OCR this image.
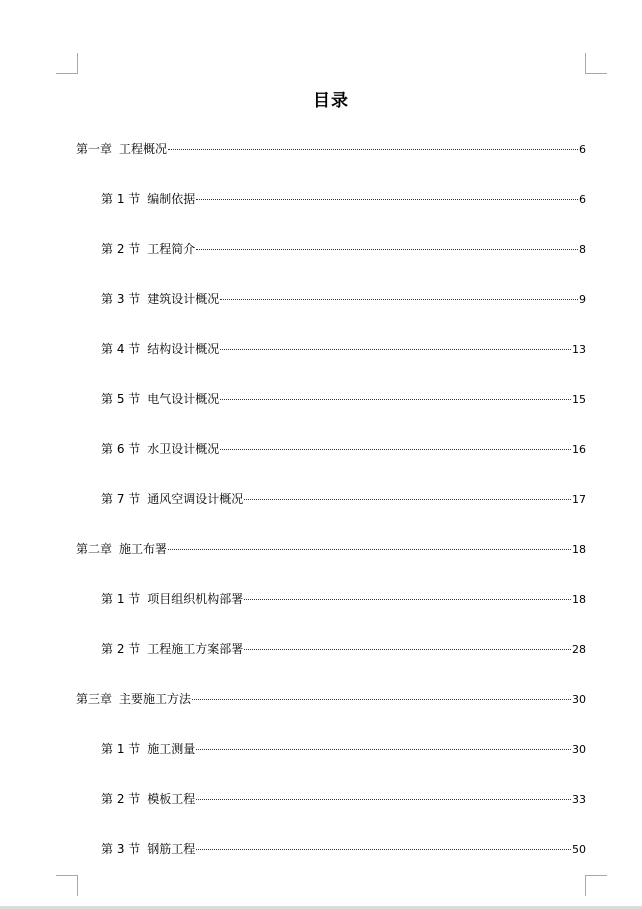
目录
第一章 工程概况	6
第 1 节 编制依据	6
第 2 节 工程简介	8
第 3 节 建筑设计概况	9
第 4 节 结构设计概况	13
第 5 节 电气设计概况	15
第 6 节 水卫设计概况	16
第 7 节 通风空调设计概况	17
第二章 施工布署	18
第 1 节 项目组织机构部署	18
第 2 节 工程施工方案部署	28
第三章 主要施工方法	30
第 1 节 施工测量	30
第 2 节 模板工程	33
第 3 节 钢筋工程	50
